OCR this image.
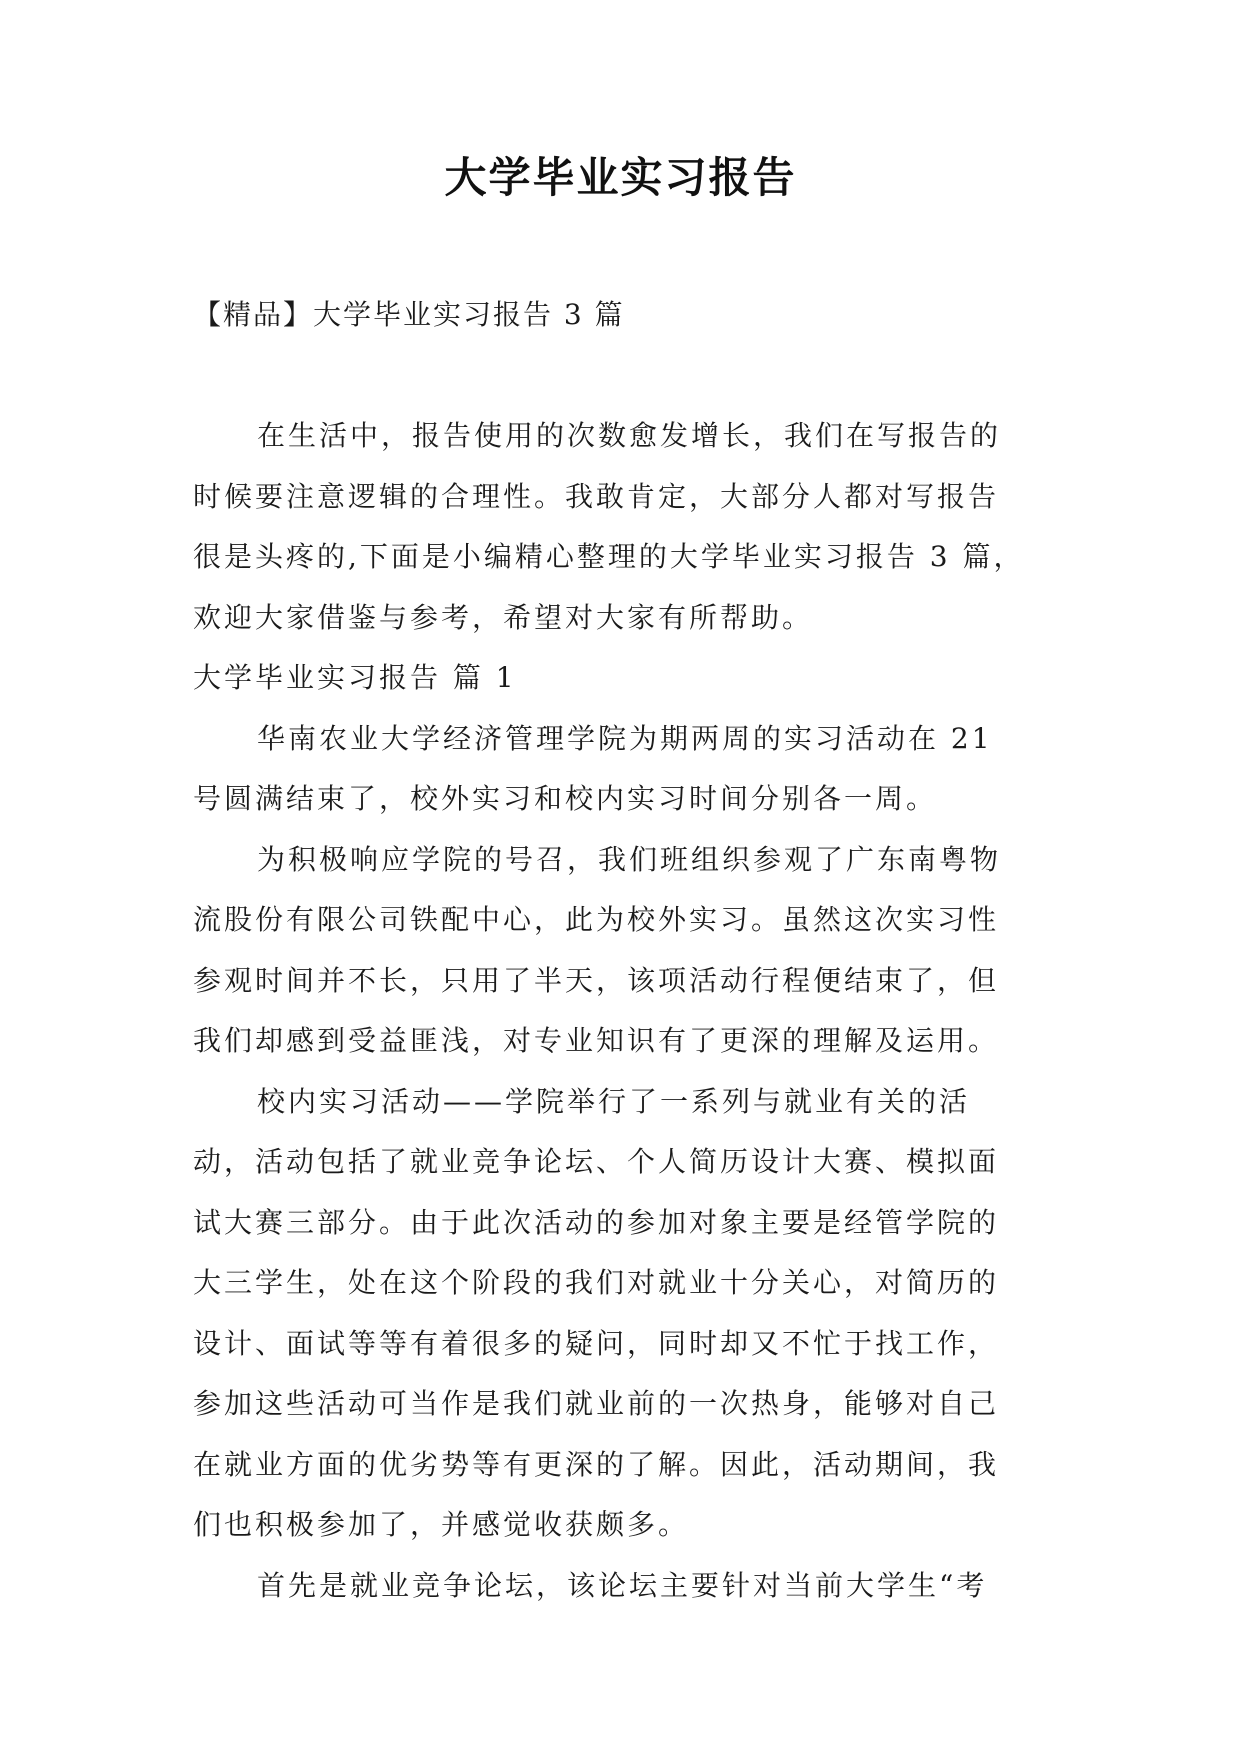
大学毕业实习报告
【精品】大学毕业实习报告 3 篇
在生活中，报告使用的次数愈发增长，我们在写报告的
时候要注意逻辑的合理性。我敢肯定，大部分人都对写报告
很是头疼的,下面是小编精心整理的大学毕业实习报告 3 篇，
欢迎大家借鉴与参考，希望对大家有所帮助。
大学毕业实习报告 篇 1
华南农业大学经济管理学院为期两周的实习活动在 21
号圆满结束了，校外实习和校内实习时间分别各一周。
为积极响应学院的号召，我们班组织参观了广东南粤物
流股份有限公司铁配中心，此为校外实习。虽然这次实习性
参观时间并不长，只用了半天，该项活动行程便结束了，但
我们却感到受益匪浅，对专业知识有了更深的理解及运用。
校内实习活动——学院举行了一系列与就业有关的活
动，活动包括了就业竞争论坛、个人简历设计大赛、模拟面
试大赛三部分。由于此次活动的参加对象主要是经管学院的
大三学生，处在这个阶段的我们对就业十分关心，对简历的
设计、面试等等有着很多的疑问，同时却又不忙于找工作，
参加这些活动可当作是我们就业前的一次热身，能够对自己
在就业方面的优劣势等有更深的了解。因此，活动期间，我
们也积极参加了，并感觉收获颇多。
首先是就业竞争论坛，该论坛主要针对当前大学生“考
